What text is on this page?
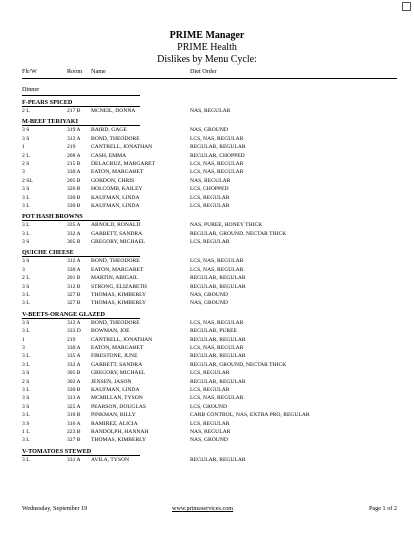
PRIME Manager
PRIME Health
Dislikes by Menu Cycle:
Flr/W	Room Name	Diet Order
Dinner
F-PEARS SPICED
2 L	217 B MCNEIL, DONNA	NAS, REGULAR
M-BEEF TERIYAKI
3 S	319 A BAIRD, GAGE	NAS, GROUND
3 S	312 A BOND, THEODORE	LCS, NAS, REGULAR
1	219	CANTRELL, JONATHAN	REGULAR, REGULAR
2 L	208 A CASH, EMMA	REGULAR, CHOPPED
2 S	215 B DELACRUZ, MARGARET	LCS, NAS, REGULAR
3	330 A EATON, MARGARET	LCS, NAS, REGULAR
2 SL	205 B GORDON, CHRIS	NAS, REGULAR
3 S	326 B HOLCOMB, KAILEY	LCS, CHOPPED
3 L	330 B KAUFMAN, LINDA	LCS, REGULAR
3 L	330 B KAUFMAN, LINDA	LCS, REGULAR
POT HASH BROWNS
3 L	335 A ARNOLD, RONALD	NAS, PUREE, HONEY THICK
3 L	332 A GARRETT, SANDRA	REGULAR, GROUND, NECTAR THICK
3 S	305 B GREGORY, MICHAEL	LCS, REGULAR
QUICHE CHEESE
3 S	312 A BOND, THEODORE	LCS, NAS, REGULAR
3	330 A EATON, MARGARET	LCS, NAS, REGULAR
2 L	201 B MARTIN, ABIGAIL	REGULAR, REGULAR
3 S	312 B STRONG, ELIZABETH	REGULAR, REGULAR
3 L	327 B THOMAS, KIMBERLY	NAS, GROUND
3 L	327 B THOMAS, KIMBERLY	NAS, GROUND
V-BEETS-ORANGE GLAZED
3 S	312 A BOND, THEODORE	LCS, NAS, REGULAR
3 L	333 D BOWMAN, JOE	REGULAR, PUREE
1	219	CANTRELL, JONATHAN	REGULAR, REGULAR
3	330 A EATON, MARGARET	LCS, NAS, REGULAR
3 L	335 A FIRESTONE, JUNE	REGULAR, REGULAR
3 L	332 A GARRETT, SANDRA	REGULAR, GROUND, NECTAR THICK
3 S	305 B GREGORY, MICHAEL	LCS, REGULAR
2 S	302 A JENSEN, JASON	REGULAR, REGULAR
3 L	330 B KAUFMAN, LINDA	LCS, REGULAR
3 S	313 A MCMILLAN, TYSON	LCS, NAS, REGULAR
3 S	325 A PEARSON, DOUGLAS	LCS, GROUND
3 L	310 B PINKMAN, BILLY	CARB CONTROL, NAS, EXTRA PRO, REGULAR
3 S	316 A RAMIREZ, ALICIA	LCS, REGULAR
1 L	223 B RANDOLPH, HANNAH	NAS, REGULAR
3 L	327 B THOMAS, KIMBERLY	NAS, GROUND
V-TOMATOES STEWED
3 L	331 A AVILA, TYSON	REGULAR, REGULAR
Wednesday, September 19	www.primeservices.com	Page 1 of 2
